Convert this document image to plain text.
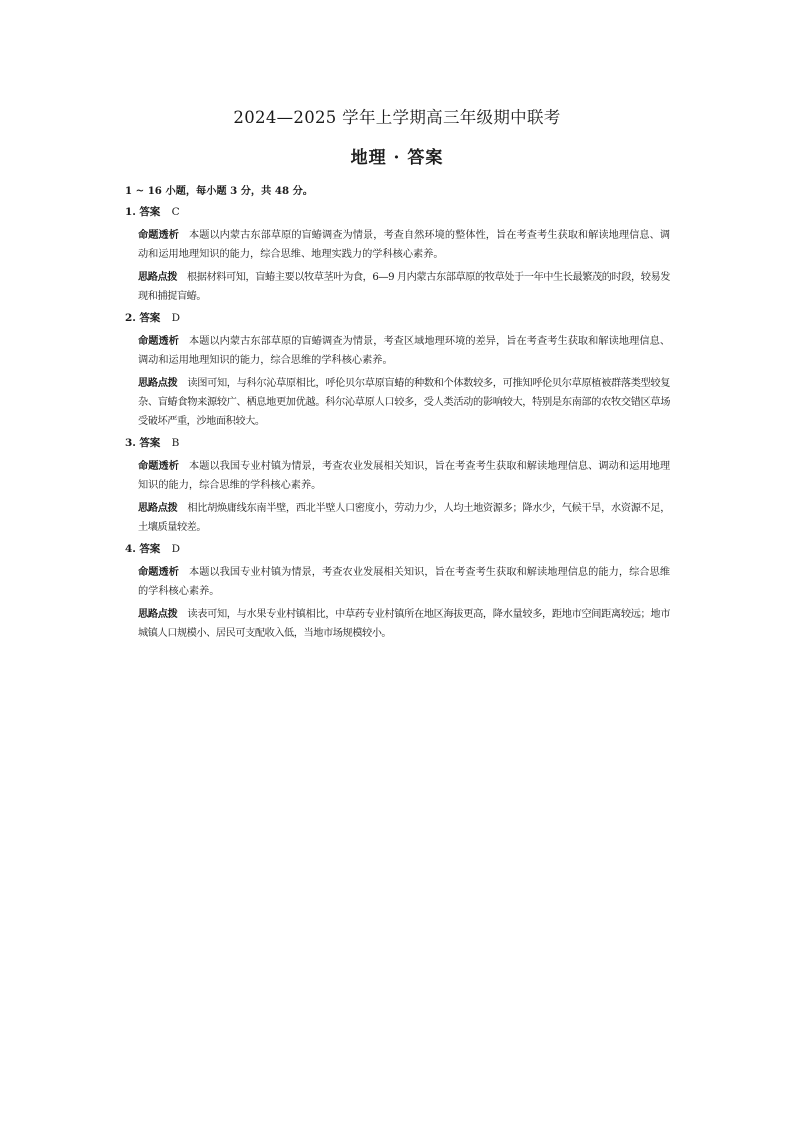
2024—2025 学年上学期高三年级期中联考
地理 · 答案
1 ~ 16 小题，每小题 3 分，共 48 分。
1. 答案 C
命题透析 本题以内蒙古东部草原的盲蝽调查为情景，考查自然环境的整体性，旨在考查考生获取和解读地理信息、调动和运用地理知识的能力，综合思维、地理实践力的学科核心素养。
思路点拨 根据材料可知，盲蝽主要以牧草茎叶为食，6—9 月内蒙古东部草原的牧草处于一年中生长最繁茂的时段，较易发现和捕捉盲蝽。
2. 答案 D
命题透析 本题以内蒙古东部草原的盲蝽调查为情景，考查区域地理环境的差异，旨在考查考生获取和解读地理信息、调动和运用地理知识的能力，综合思维的学科核心素养。
思路点拨 读图可知，与科尔沁草原相比，呼伦贝尔草原盲蝽的种数和个体数较多，可推知呼伦贝尔草原植被群落类型较复杂、盲蝽食物来源较广、栖息地更加优越。科尔沁草原人口较多，受人类活动的影响较大，特别是东南部的农牧交错区草场受破坏严重，沙地面积较大。
3. 答案 B
命题透析 本题以我国专业村镇为情景，考查农业发展相关知识，旨在考查考生获取和解读地理信息、调动和运用地理知识的能力，综合思维的学科核心素养。
思路点拨 相比胡焕庸线东南半壁，西北半壁人口密度小，劳动力少，人均土地资源多；降水少，气候干旱，水资源不足，土壤质量较差。
4. 答案 D
命题透析 本题以我国专业村镇为情景，考查农业发展相关知识，旨在考查考生获取和解读地理信息的能力，综合思维的学科核心素养。
思路点拨 读表可知，与水果专业村镇相比，中草药专业村镇所在地区海拔更高，降水量较多，距地市空间距离较远；地市城镇人口规模小、居民可支配收入低，当地市场规模较小。
